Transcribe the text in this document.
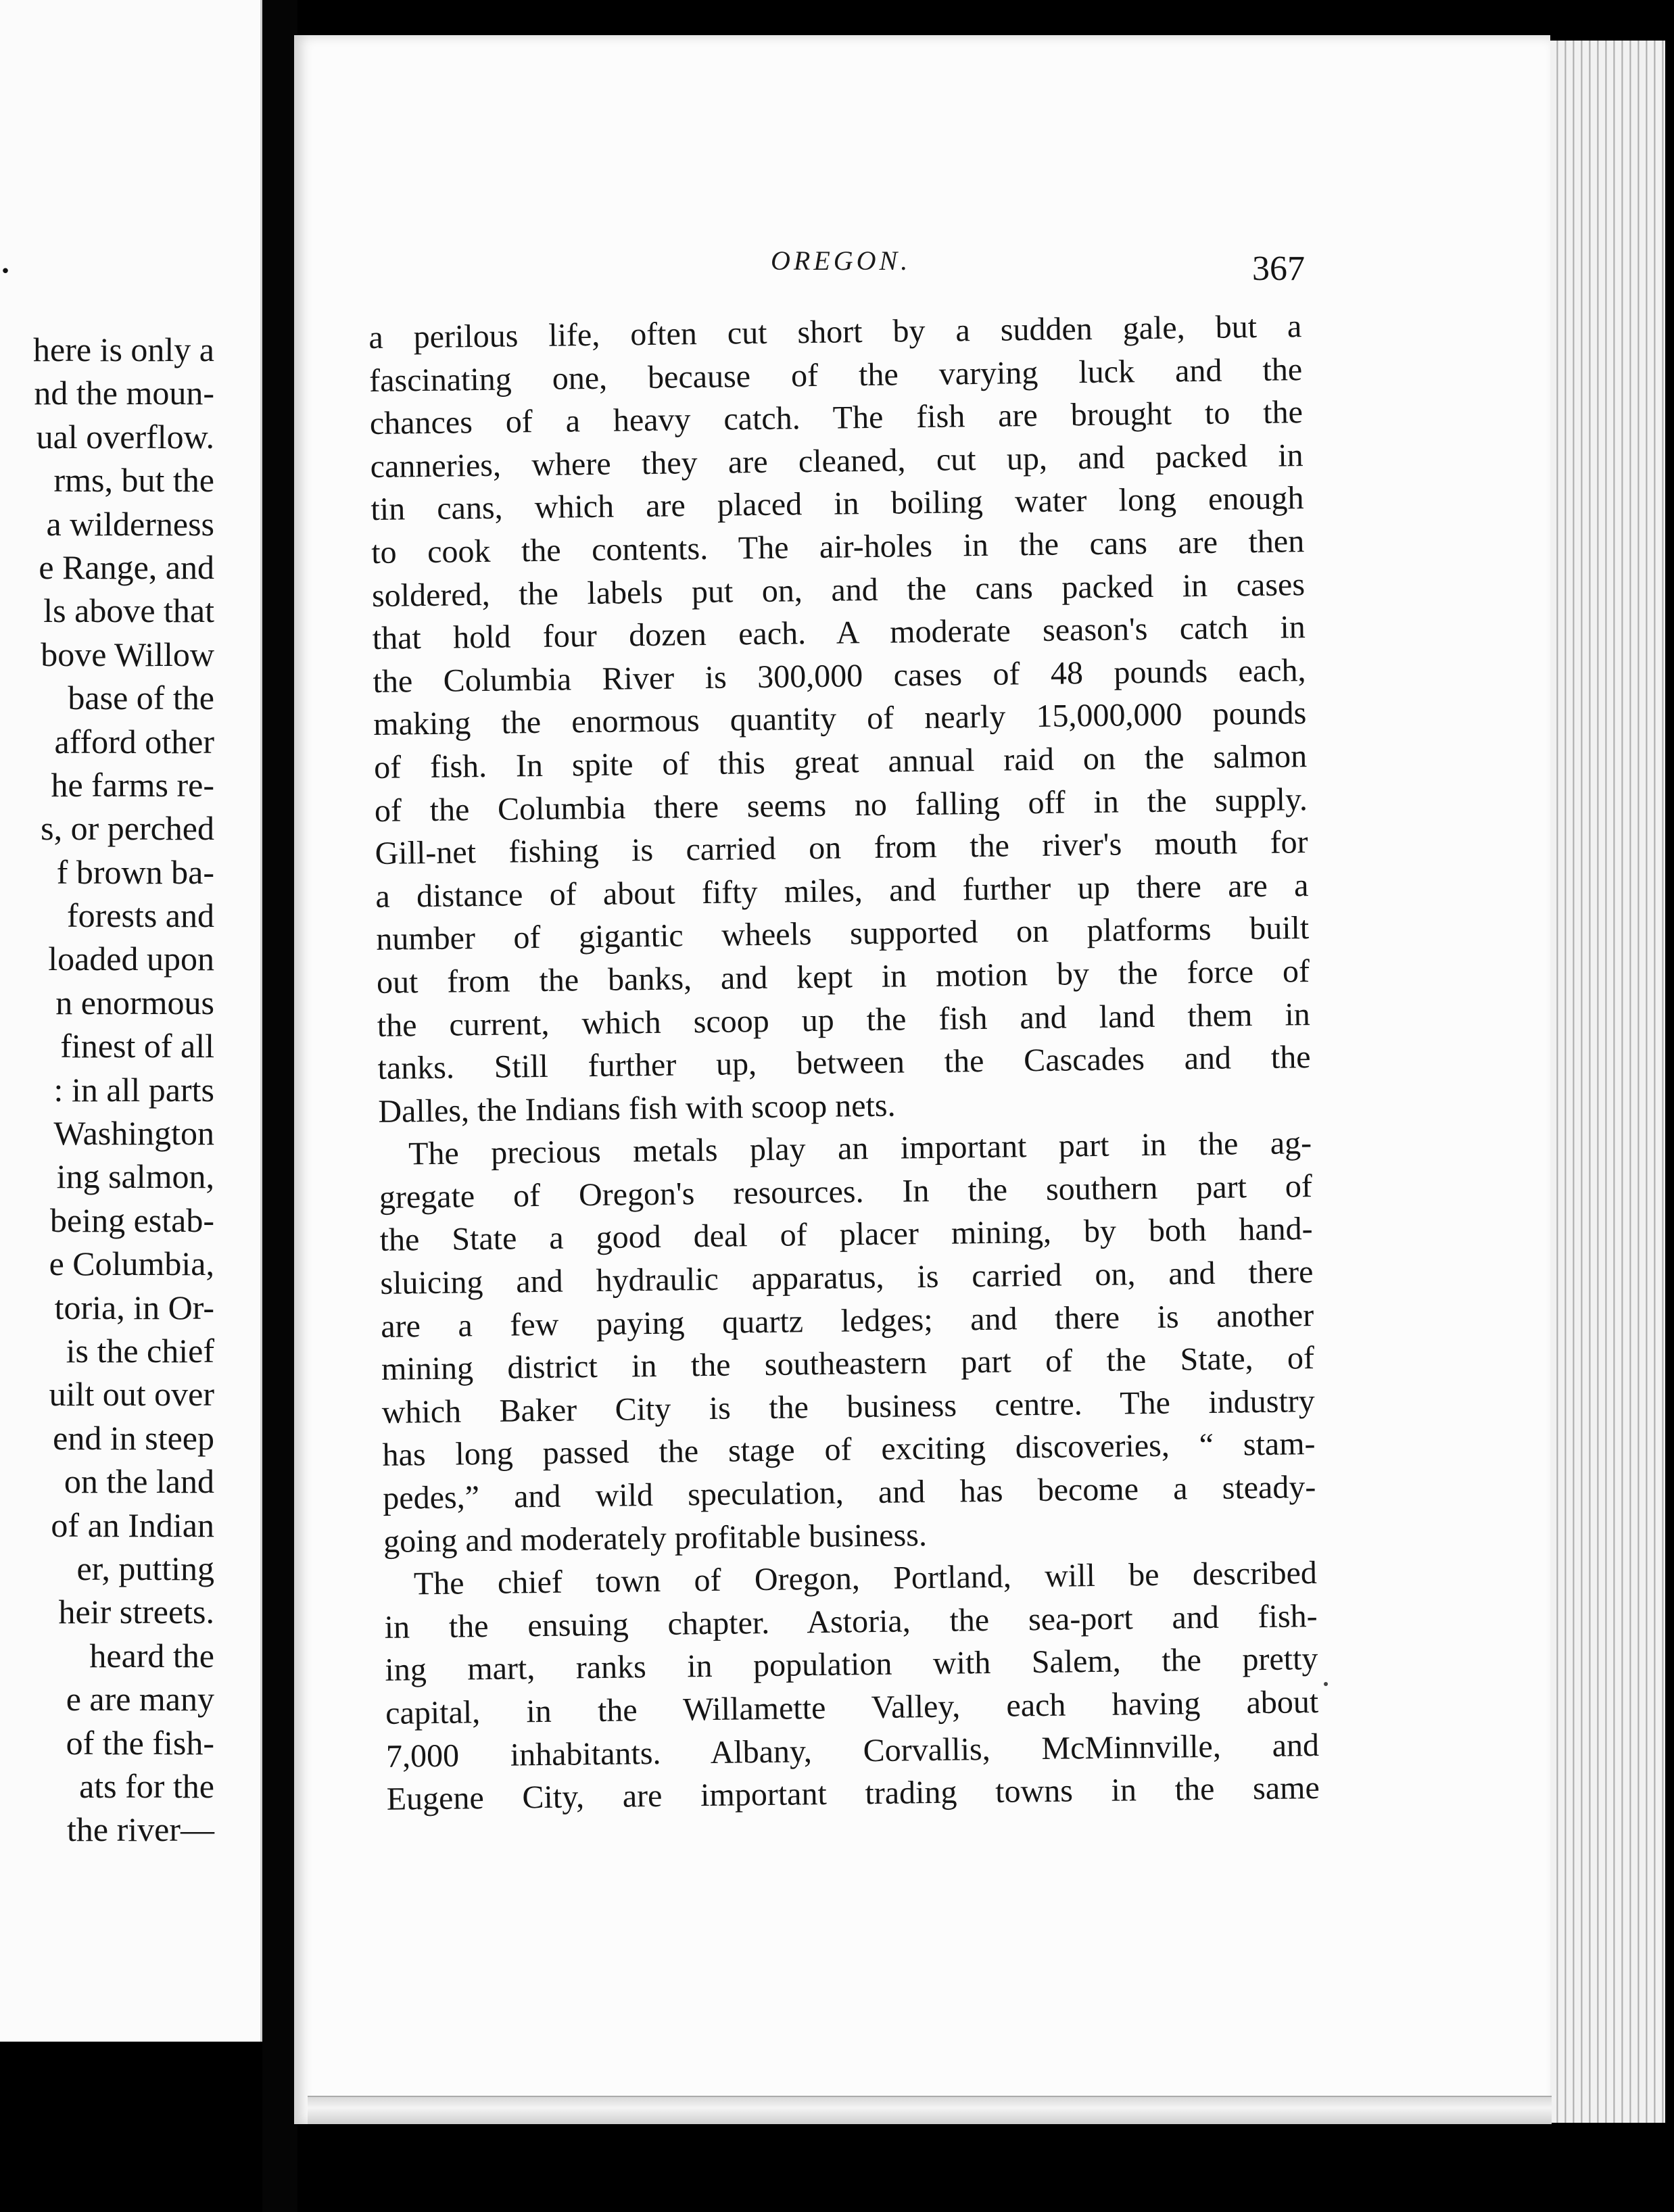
.
here is only a
nd the moun-
ual overflow.
rms, but the
a wilderness
e Range, and
ls above that
bove Willow
base of the
afford other
he farms re-
s, or perched
f brown ba-
forests and
loaded upon
n enormous
finest of all
: in all parts
Washington
ing salmon,
being estab-
e Columbia,
toria, in Or-
is the chief
uilt out over
end in steep
on the land
of an Indian
er, putting
heir streets.
heard the
e are many
of the fish-
ats for the
the river—
OREGON.	367
a perilous life, often cut short by a sudden gale, but a
fascinating one, because of the varying luck and the
chances of a heavy catch. The fish are brought to the
canneries, where they are cleaned, cut up, and packed in
tin cans, which are placed in boiling water long enough
to cook the contents. The air-holes in the cans are then
soldered, the labels put on, and the cans packed in cases
that hold four dozen each. A moderate season's catch in
the Columbia River is 300,000 cases of 48 pounds each,
making the enormous quantity of nearly 15,000,000 pounds
of fish. In spite of this great annual raid on the salmon
of the Columbia there seems no falling off in the supply.
Gill-net fishing is carried on from the river's mouth for
a distance of about fifty miles, and further up there are a
number of gigantic wheels supported on platforms built
out from the banks, and kept in motion by the force of
the current, which scoop up the fish and land them in
tanks. Still further up, between the Cascades and the
Dalles, the Indians fish with scoop nets.
The precious metals play an important part in the ag-
gregate of Oregon's resources. In the southern part of
the State a good deal of placer mining, by both hand-
sluicing and hydraulic apparatus, is carried on, and there
are a few paying quartz ledges; and there is another
mining district in the southeastern part of the State, of
which Baker City is the business centre. The industry
has long passed the stage of exciting discoveries, “ stam-
pedes,” and wild speculation, and has become a steady-
going and moderately profitable business.
The chief town of Oregon, Portland, will be described
in the ensuing chapter. Astoria, the sea-port and fish-
ing mart, ranks in population with Salem, the pretty
capital, in the Willamette Valley, each having about
7,000 inhabitants. Albany, Corvallis, McMinnville, and
Eugene City, are important trading towns in the same
